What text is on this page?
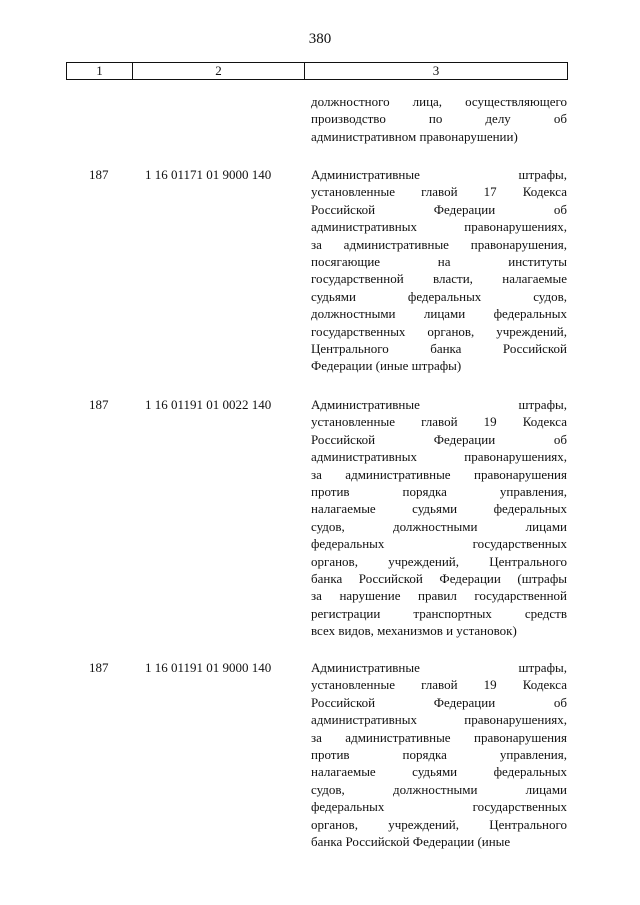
380
1	2	3
должностного лица, осуществляющего
производство по делу об
административном правонарушении)
187	1 16 01171 01 9000 140	Административные штрафы,
установленные главой 17 Кодекса
Российской Федерации об
административных правонарушениях,
за административные правонарушения,
посягающие на институты
государственной власти, налагаемые
судьями федеральных судов,
должностными лицами федеральных
государственных органов, учреждений,
Центрального банка Российской
Федерации (иные штрафы)
187	1 16 01191 01 0022 140	Административные штрафы,
установленные главой 19 Кодекса
Российской Федерации об
административных правонарушениях,
за административные правонарушения
против порядка управления,
налагаемые судьями федеральных
судов, должностными лицами
федеральных государственных
органов, учреждений, Центрального
банка Российской Федерации (штрафы
за нарушение правил государственной
регистрации транспортных средств
всех видов, механизмов и установок)
187	1 16 01191 01 9000 140	Административные штрафы,
установленные главой 19 Кодекса
Российской Федерации об
административных правонарушениях,
за административные правонарушения
против порядка управления,
налагаемые судьями федеральных
судов, должностными лицами
федеральных государственных
органов, учреждений, Центрального
банка Российской Федерации (иные
